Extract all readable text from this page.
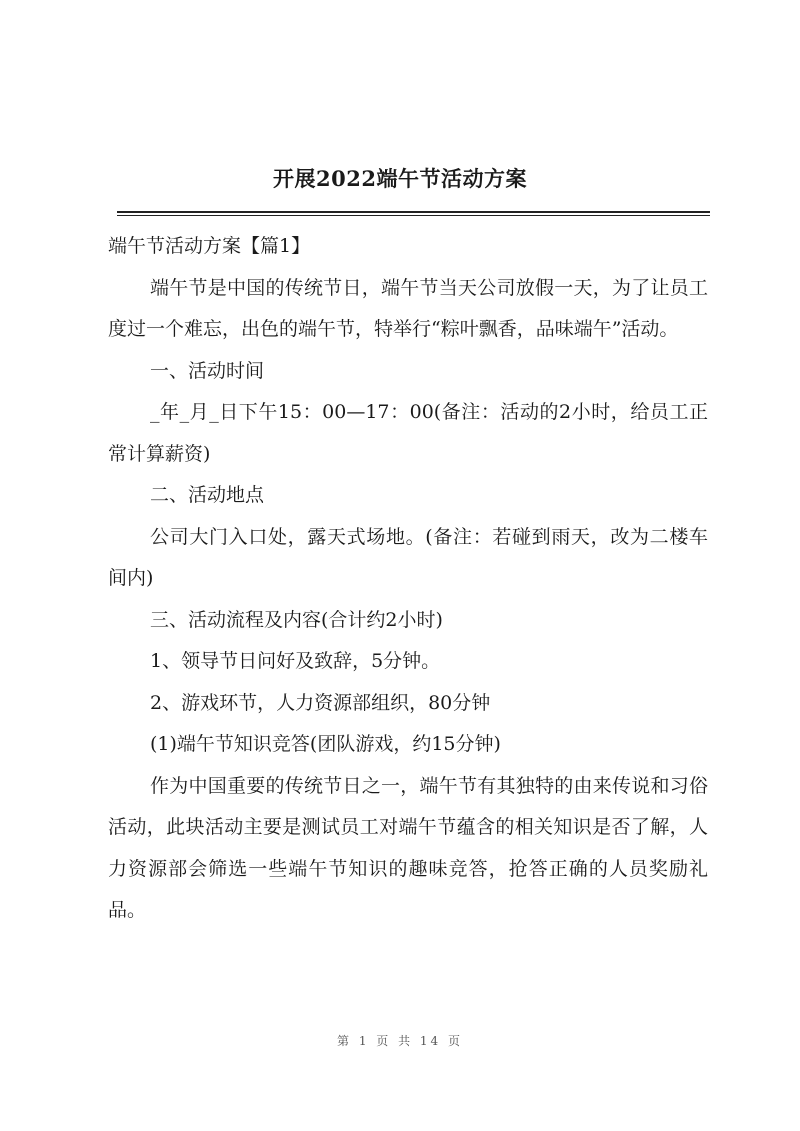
开展2022端午节活动方案

端午节活动方案【篇1】

端午节是中国的传统节日，端午节当天公司放假一天，为了让员工度过一个难忘，出色的端午节，特举行“粽叶飘香，品味端午”活动。

一、活动时间

_年_月_日下午15：00—17：00(备注：活动的2小时，给员工正常计算薪资)

二、活动地点

公司大门入口处，露天式场地。(备注：若碰到雨天，改为二楼车间内)

三、活动流程及内容(合计约2小时)

1、领导节日问好及致辞，5分钟。

2、游戏环节，人力资源部组织，80分钟

(1)端午节知识竞答(团队游戏，约15分钟)

作为中国重要的传统节日之一，端午节有其独特的由来传说和习俗活动，此块活动主要是测试员工对端午节蕴含的相关知识是否了解，人力资源部会筛选一些端午节知识的趣味竞答，抢答正确的人员奖励礼品。

第 1 页 共 14 页
